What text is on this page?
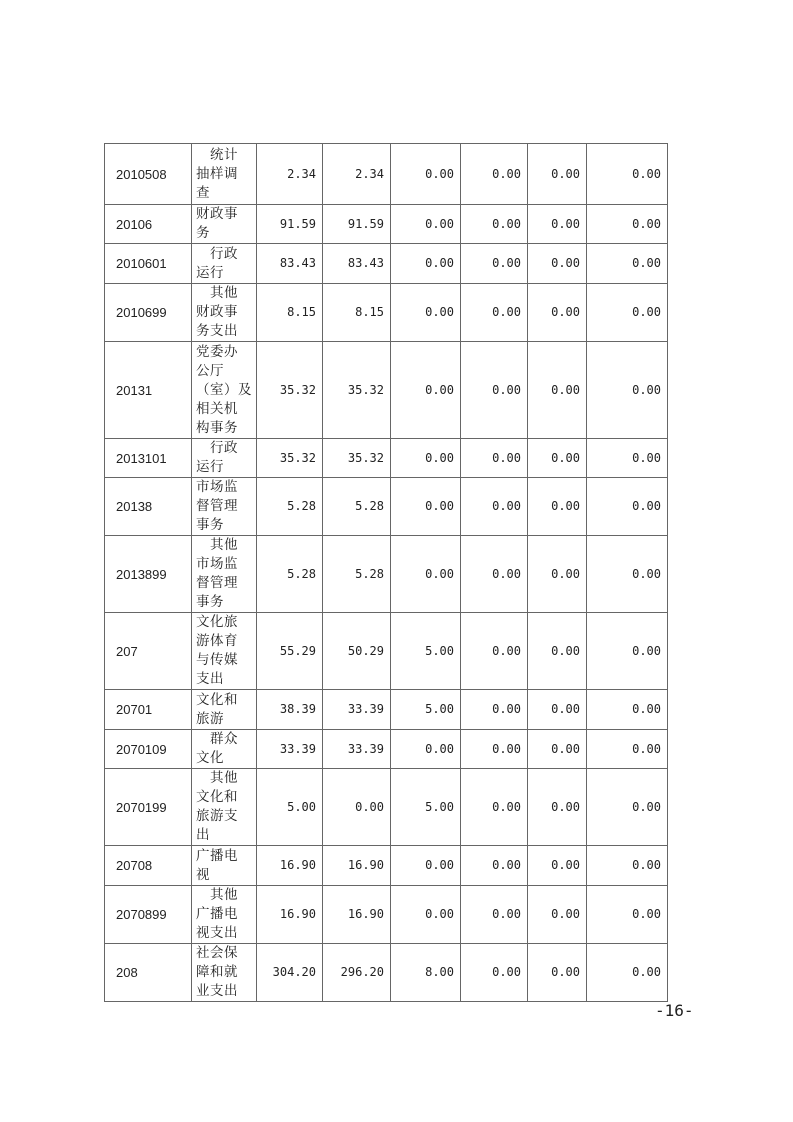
2010508	　统计
抽样调
查	2.34	2.34	0.00	0.00	0.00	0.00
20106	财政事
务	91.59	91.59	0.00	0.00	0.00	0.00
2010601	　行政
运行	83.43	83.43	0.00	0.00	0.00	0.00
2010699	　其他
财政事
务支出	8.15	8.15	0.00	0.00	0.00	0.00
20131	党委办
公厅
（室）及
相关机
构事务	35.32	35.32	0.00	0.00	0.00	0.00
2013101	　行政
运行	35.32	35.32	0.00	0.00	0.00	0.00
20138	市场监
督管理
事务	5.28	5.28	0.00	0.00	0.00	0.00
2013899	　其他
市场监
督管理
事务	5.28	5.28	0.00	0.00	0.00	0.00
207	文化旅
游体育
与传媒
支出	55.29	50.29	5.00	0.00	0.00	0.00
20701	文化和
旅游	38.39	33.39	5.00	0.00	0.00	0.00
2070109	　群众
文化	33.39	33.39	0.00	0.00	0.00	0.00
2070199	　其他
文化和
旅游支
出	5.00	0.00	5.00	0.00	0.00	0.00
20708	广播电
视	16.90	16.90	0.00	0.00	0.00	0.00
2070899	　其他
广播电
视支出	16.90	16.90	0.00	0.00	0.00	0.00
208	社会保
障和就
业支出	304.20	296.20	8.00	0.00	0.00	0.00
-16-
